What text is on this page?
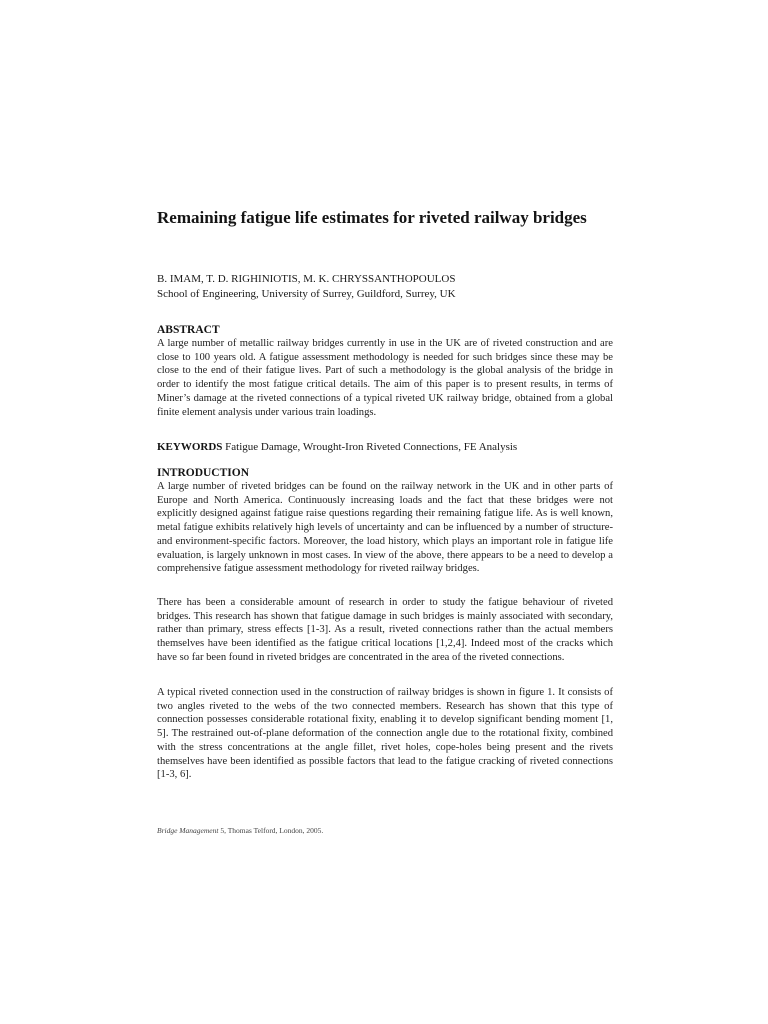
Remaining fatigue life estimates for riveted railway bridges
B. IMAM, T. D. RIGHINIOTIS, M. K. CHRYSSANTHOPOULOS
School of Engineering, University of Surrey, Guildford, Surrey, UK
ABSTRACT

A large number of metallic railway bridges currently in use in the UK are of riveted construction and are close to 100 years old. A fatigue assessment methodology is needed for such bridges since these may be close to the end of their fatigue lives. Part of such a methodology is the global analysis of the bridge in order to identify the most fatigue critical details. The aim of this paper is to present results, in terms of Miner’s damage at the riveted connections of a typical riveted UK railway bridge, obtained from a global finite element analysis under various train loadings.

KEYWORDS Fatigue Damage, Wrought-Iron Riveted Connections, FE Analysis
INTRODUCTION

A large number of riveted bridges can be found on the railway network in the UK and in other parts of Europe and North America. Continuously increasing loads and the fact that these bridges were not explicitly designed against fatigue raise questions regarding their remaining fatigue life. As is well known, metal fatigue exhibits relatively high levels of uncertainty and can be influenced by a number of structure- and environment-specific factors. Moreover, the load history, which plays an important role in fatigue life evaluation, is largely unknown in most cases. In view of the above, there appears to be a need to develop a comprehensive fatigue assessment methodology for riveted railway bridges.

There has been a considerable amount of research in order to study the fatigue behaviour of riveted bridges. This research has shown that fatigue damage in such bridges is mainly associated with secondary, rather than primary, stress effects [1-3]. As a result, riveted connections rather than the actual members themselves have been identified as the fatigue critical locations [1,2,4]. Indeed most of the cracks which have so far been found in riveted bridges are concentrated in the area of the riveted connections.

A typical riveted connection used in the construction of railway bridges is shown in figure 1. It consists of two angles riveted to the webs of the two connected members. Research has shown that this type of connection possesses considerable rotational fixity, enabling it to develop significant bending moment [1, 5]. The restrained out-of-plane deformation of the connection angle due to the rotational fixity, combined with the stress concentrations at the angle fillet, rivet holes, cope-holes being present and the rivets themselves have been identified as possible factors that lead to the fatigue cracking of riveted connections [1-3, 6].

Bridge Management 5, Thomas Telford, London, 2005.
